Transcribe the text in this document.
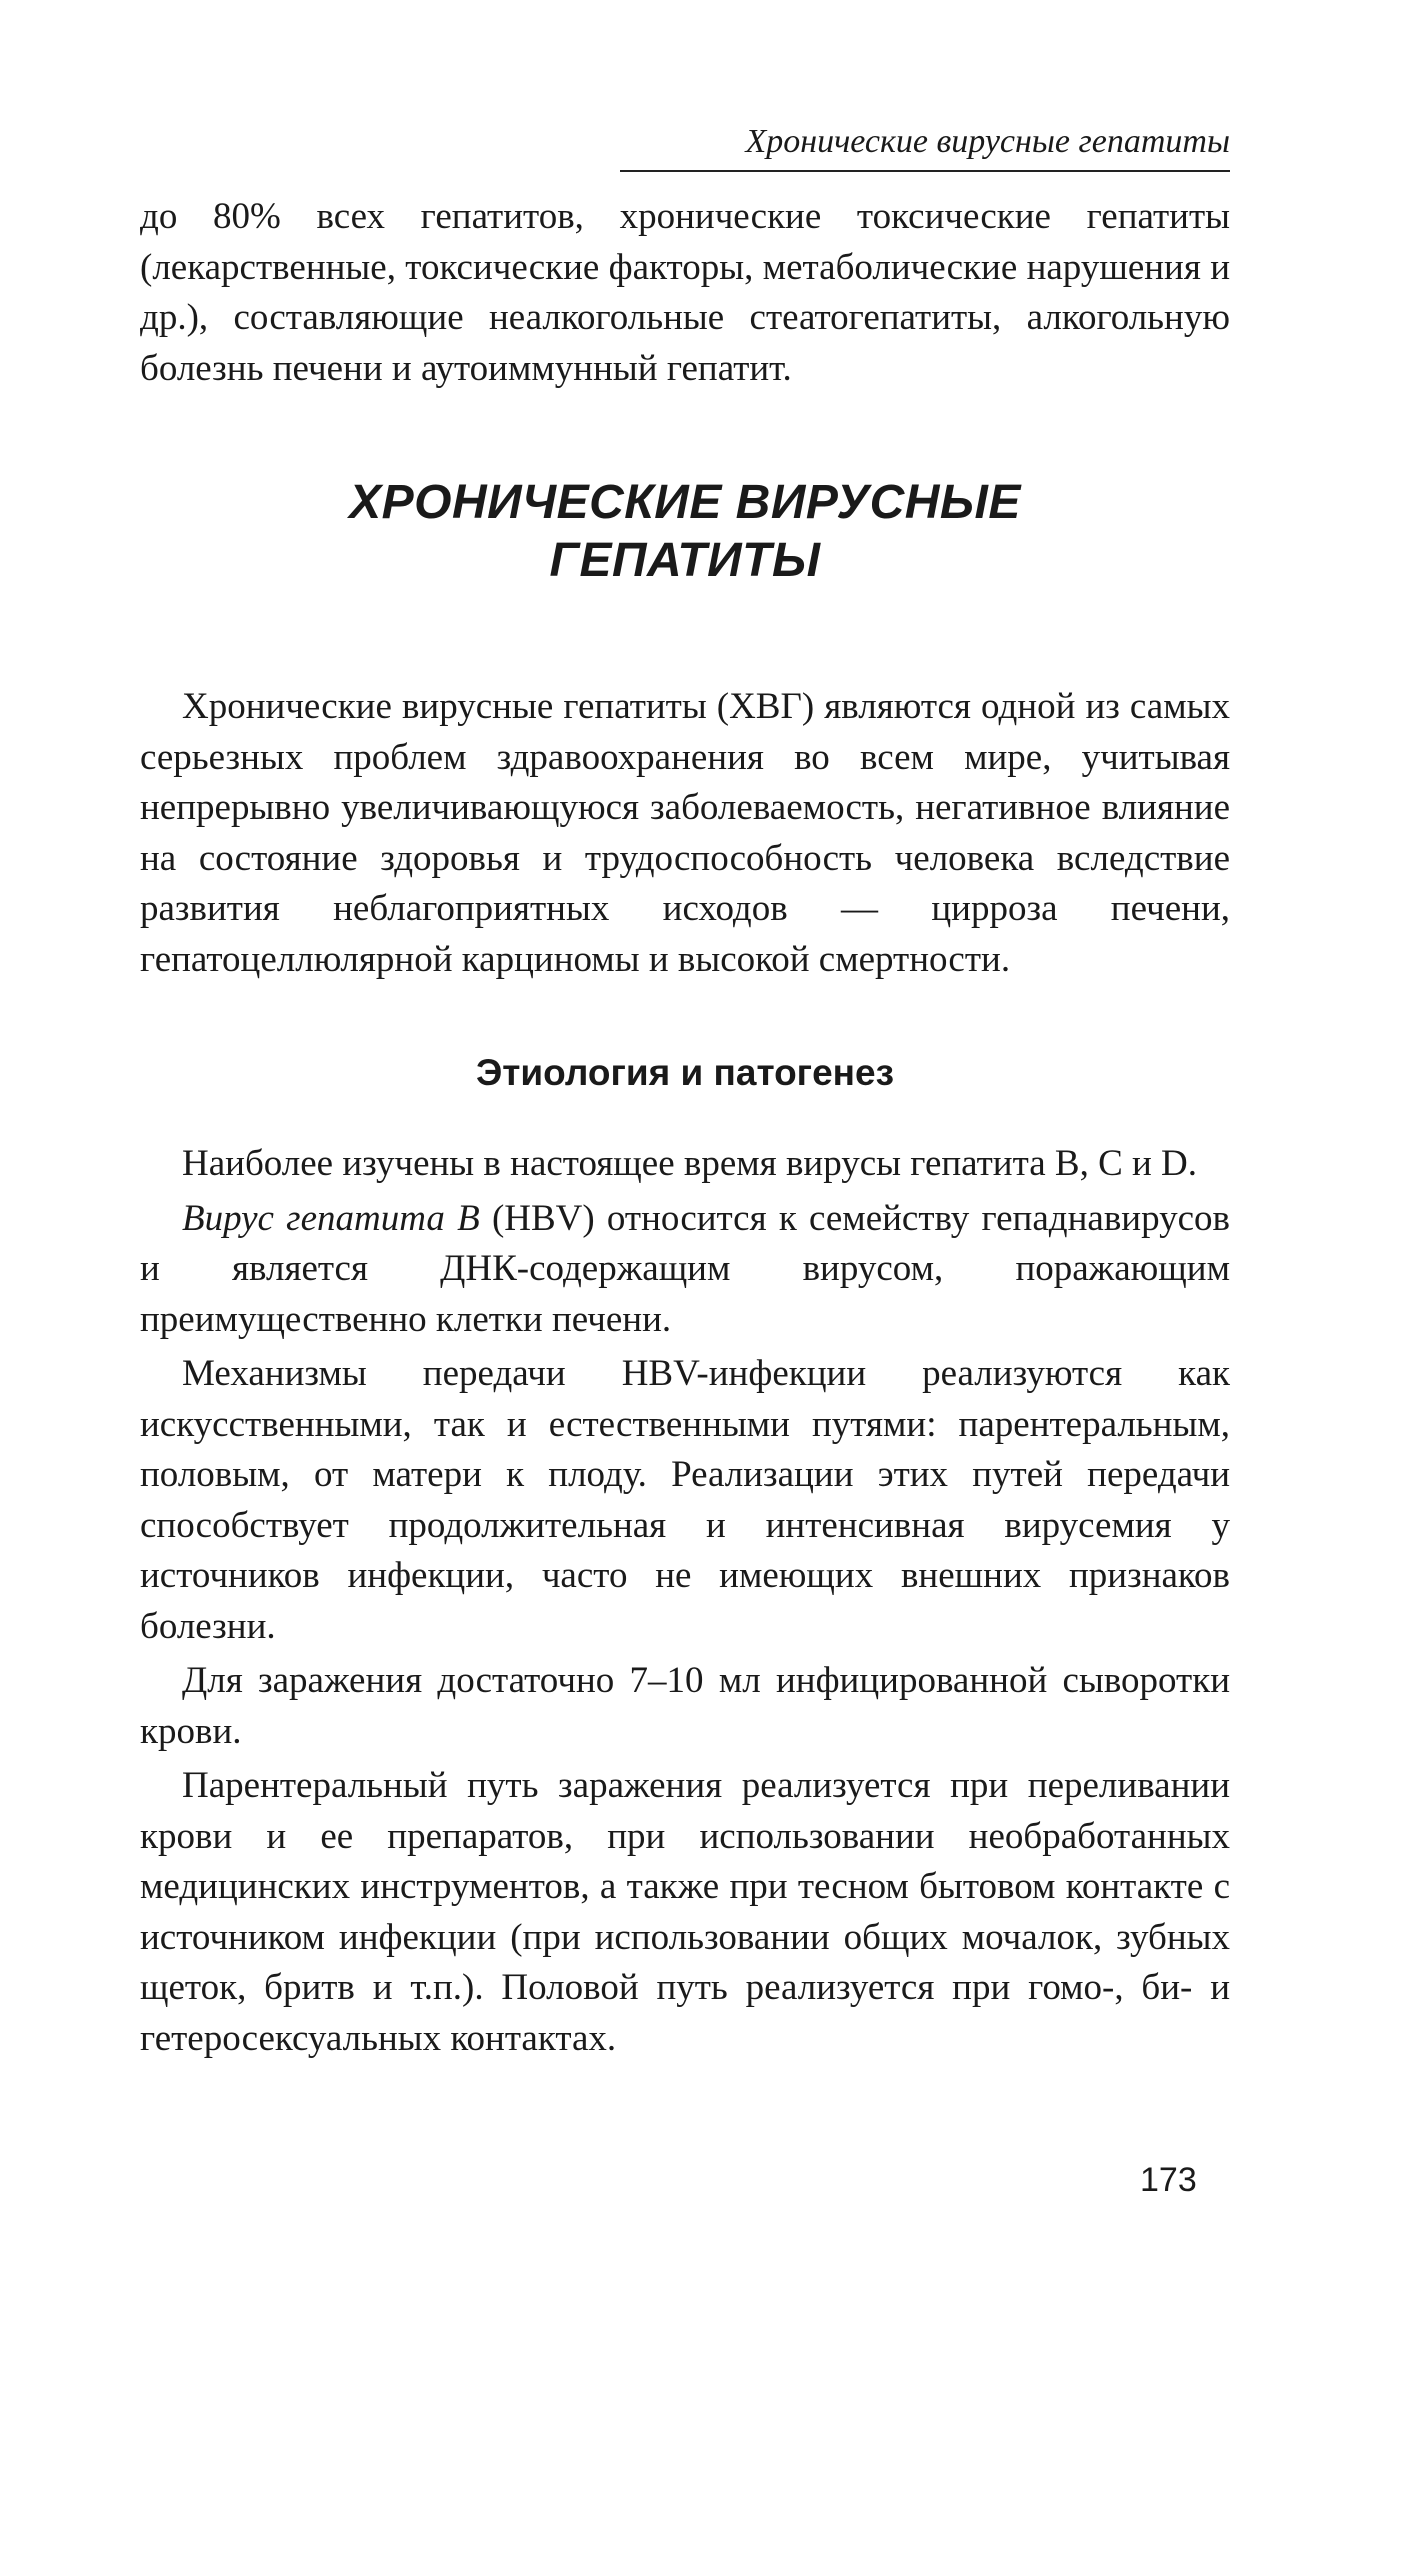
Хронические вирусные гепатиты

до 80% всех гепатитов, хронические токсические гепатиты (лекарственные, токсические факторы, метаболические нарушения и др.), составляющие неалкогольные стеатогепатиты, алкогольную болезнь печени и аутоиммунный гепатит.

ХРОНИЧЕСКИЕ ВИРУСНЫЕ
ГЕПАТИТЫ

Хронические вирусные гепатиты (ХВГ) являются одной из самых серьезных проблем здравоохранения во всем мире, учитывая непрерывно увеличивающуюся заболеваемость, негативное влияние на состояние здоровья и трудоспособность человека вследствие развития неблагоприятных исходов — цирроза печени, гепатоцеллюлярной карциномы и высокой смертности.

Этиология и патогенез

Наиболее изучены в настоящее время вирусы гепатита В, С и D.

Вирус гепатита В (HBV) относится к семейству гепаднавирусов и является ДНК-содержащим вирусом, поражающим преимущественно клетки печени.

Механизмы передачи HBV-инфекции реализуются как искусственными, так и естественными путями: парентеральным, половым, от матери к плоду. Реализации этих путей передачи способствует продолжительная и интенсивная вирусемия у источников инфекции, часто не имеющих внешних признаков болезни.

Для заражения достаточно 7–10 мл инфицированной сыворотки крови.

Парентеральный путь заражения реализуется при переливании крови и ее препаратов, при использовании необработанных медицинских инструментов, а также при тесном бытовом контакте с источником инфекции (при использовании общих мочалок, зубных щеток, бритв и т.п.). Половой путь реализуется при гомо-, би- и гетеросексуальных контактах.

173
